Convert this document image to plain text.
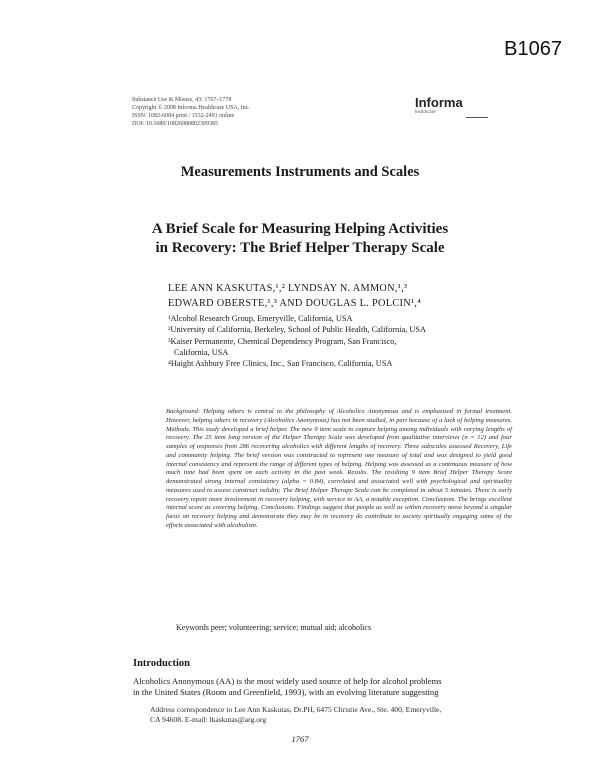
B1067
Substance Use & Misuse, 43: 1767–1778
Copyright © 2008 Informa Healthcare USA, Inc.
ISSN: 1082-6084 print / 1532-2491 online
DOI: 10.1080/10826080802309385
Informa
healthcare
Measurements Instruments and Scales
A Brief Scale for Measuring Helping Activities
in Recovery: The Brief Helper Therapy Scale
LEE ANN KASKUTAS,¹,² LYNDSAY N. AMMON,¹,³
EDWARD OBERSTE,¹,³ AND DOUGLAS L. POLCIN¹,⁴
¹Alcohol Research Group, Emeryville, California, USA
²University of California, Berkeley, School of Public Health, California, USA
³Kaiser Permanente, Chemical Dependency Program, San Francisco,
California, USA
⁴Haight Ashbury Free Clinics, Inc., San Francisco, California, USA
Background: Helping others is central to the philosophy of Alcoholics Anonymous and is emphasized in formal treatment. However, helping others in recovery (Alcoholics Anonymous) has not been studied, in part because of a lack of helping measures. Methods. This study developed a brief helper. The new 9 item scale to capture helping among individuals with varying lengths of recovery. The 25 item long version of the Helper Therapy Scale was developed from qualitative interviews (n = 12) and four samples of responses from 286 recovering alcoholics with different lengths of recovery. Three subscales assessed Recovery, Life and community helping. The brief version was constructed to represent one measure of total and was designed to yield good internal consistency and represent the range of different types of helping. Helping was assessed as a continuous measure of how much time had been spent on each activity in the past week. Results. The resulting 9 item Brief Helper Therapy Score demonstrated strong internal consistency (alpha = 0.84), correlated and associated well with psychological and spirituality measures used to assess construct validity. The Brief Helper Therapy Scale can be completed in about 5 minutes. There is early recovery report more involvement in recovery helping, with service to AA, a notable exception. Conclusions. The brings excellent internal score as covering helping. Conclusions. Findings suggest that people as well as within recovery move beyond a singular focus on recovery helping and demonstrate they may be in recovery do contribute to society spiritually engaging some of the efforts associated with alcoholism.
Keywords peer; volunteering; service; mutual aid; alcoholics
Introduction
Alcoholics Anonymous (AA) is the most widely used source of help for alcohol problems
in the United States (Room and Greenfield, 1993), with an evolving literature suggesting
Address correspondence to Lee Ann Kaskutas, Dr.PH, 6475 Christie Ave., Ste. 400, Emeryville,
CA 94608. E-mail: lkaskutas@arg.org
1767
